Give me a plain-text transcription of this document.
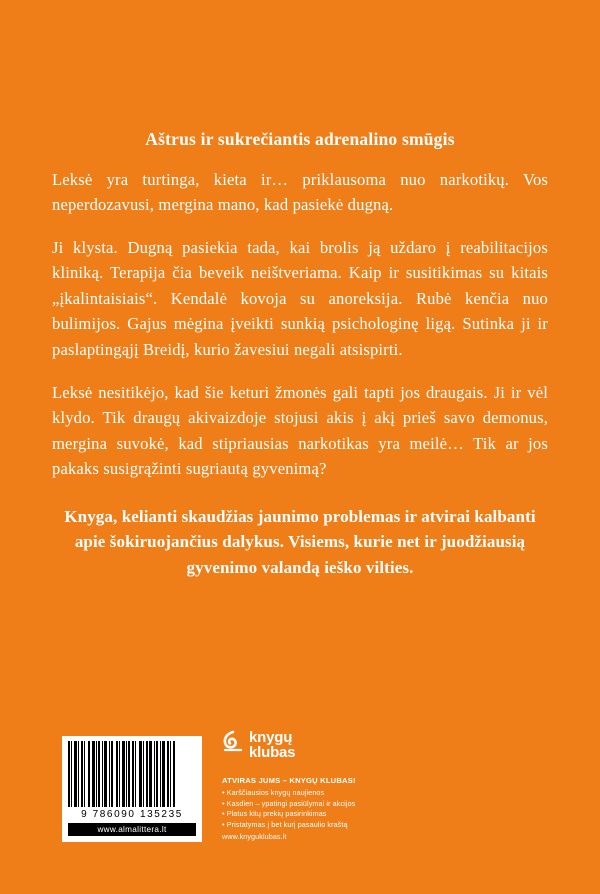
Aštrus ir sukrečiantis adrenalino smūgis

Leksė yra turtinga, kieta ir… priklausoma nuo narkotikų. Vos neperdozavusi, mergina mano, kad pasiekė dugną.

Ji klysta. Dugną pasiekia tada, kai brolis ją uždaro į reabilitacijos kliniką. Terapija čia beveik neištveriama. Kaip ir susitikimas su kitais „įkalintaisiais“. Kendalė kovoja su anoreksija. Rubė kenčia nuo bulimijos. Gajus mėgina įveikti sunkią psichologinę ligą. Sutinka ji ir paslaptingąjį Breidį, kurio žavesiui negali atsispirti.

Leksė nesitikėjo, kad šie keturi žmonės gali tapti jos draugais. Ji ir vėl klydo. Tik draugų akivaizdoje stojusi akis į akį prieš savo demonus, mergina suvokė, kad stipriausias narkotikas yra meilė… Tik ar jos pakaks susigrąžinti sugriautą gyvenimą?

Knyga, kelianti skaudžias jaunimo problemas ir atvirai kalbanti apie šokiruojančius dalykus. Visiems, kurie net ir juodžiausią gyvenimo valandą ieško vilties.
9 786090 135235
www.almalittera.lt
knygų
klubas
ATVIRAS JUMS – KNYGŲ KLUBAS!
• Karščiausios knygų naujienos
• Kasdien – ypatingi pasiūlymai ir akcijos
• Platus kitų prekių pasirinkimas
• Pristatymas į bet kurį pasaulio kraštą
www.knyguklubas.lt
